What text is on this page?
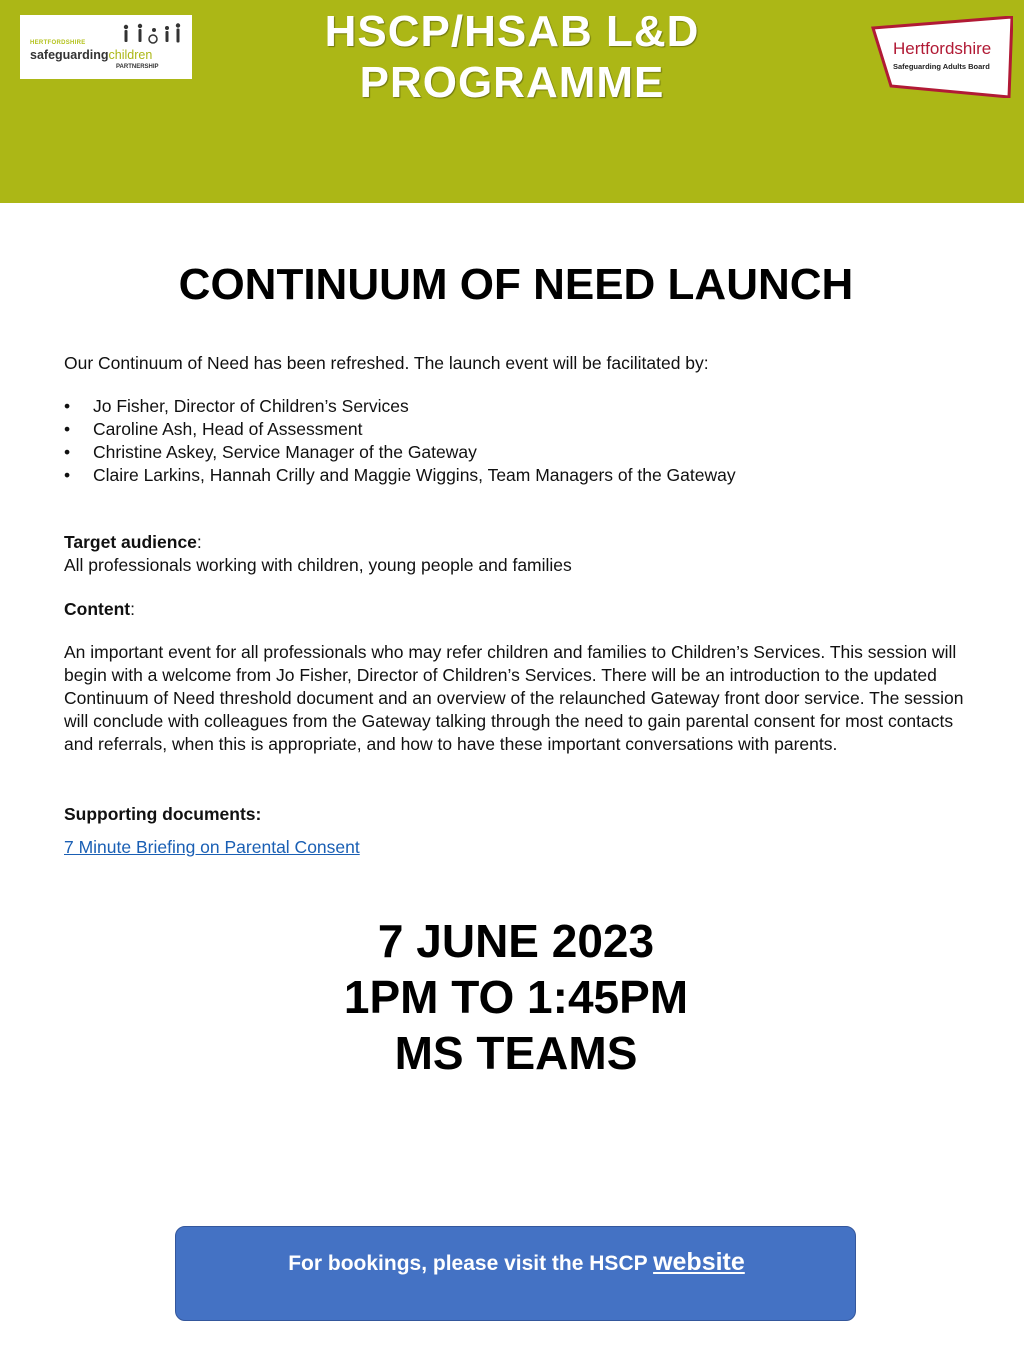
HERTFORDSHIRE
safeguardingchildren
PARTNERSHIP
HSCP/HSAB L&D
PROGRAMME
Hertfordshire
Safeguarding Adults Board
CONTINUUM OF NEED LAUNCH
Our Continuum of Need has been refreshed. The launch event will be facilitated by:
• Jo Fisher, Director of Children’s Services
• Caroline Ash, Head of Assessment
• Christine Askey, Service Manager of the Gateway
• Claire Larkins, Hannah Crilly and Maggie Wiggins, Team Managers of the Gateway
Target audience:
All professionals working with children, young people and families
Content:
An important event for all professionals who may refer children and families to Children’s Services. This session will begin with a welcome from Jo Fisher, Director of Children’s Services. There will be an introduction to the updated Continuum of Need threshold document and an overview of the relaunched Gateway front door service. The session will conclude with colleagues from the Gateway talking through the need to gain parental consent for most contacts and referrals, when this is appropriate, and how to have these important conversations with parents.
Supporting documents:
7 Minute Briefing on Parental Consent
7 JUNE 2023
1PM TO 1:45PM
MS TEAMS
For bookings, please visit the HSCP website
